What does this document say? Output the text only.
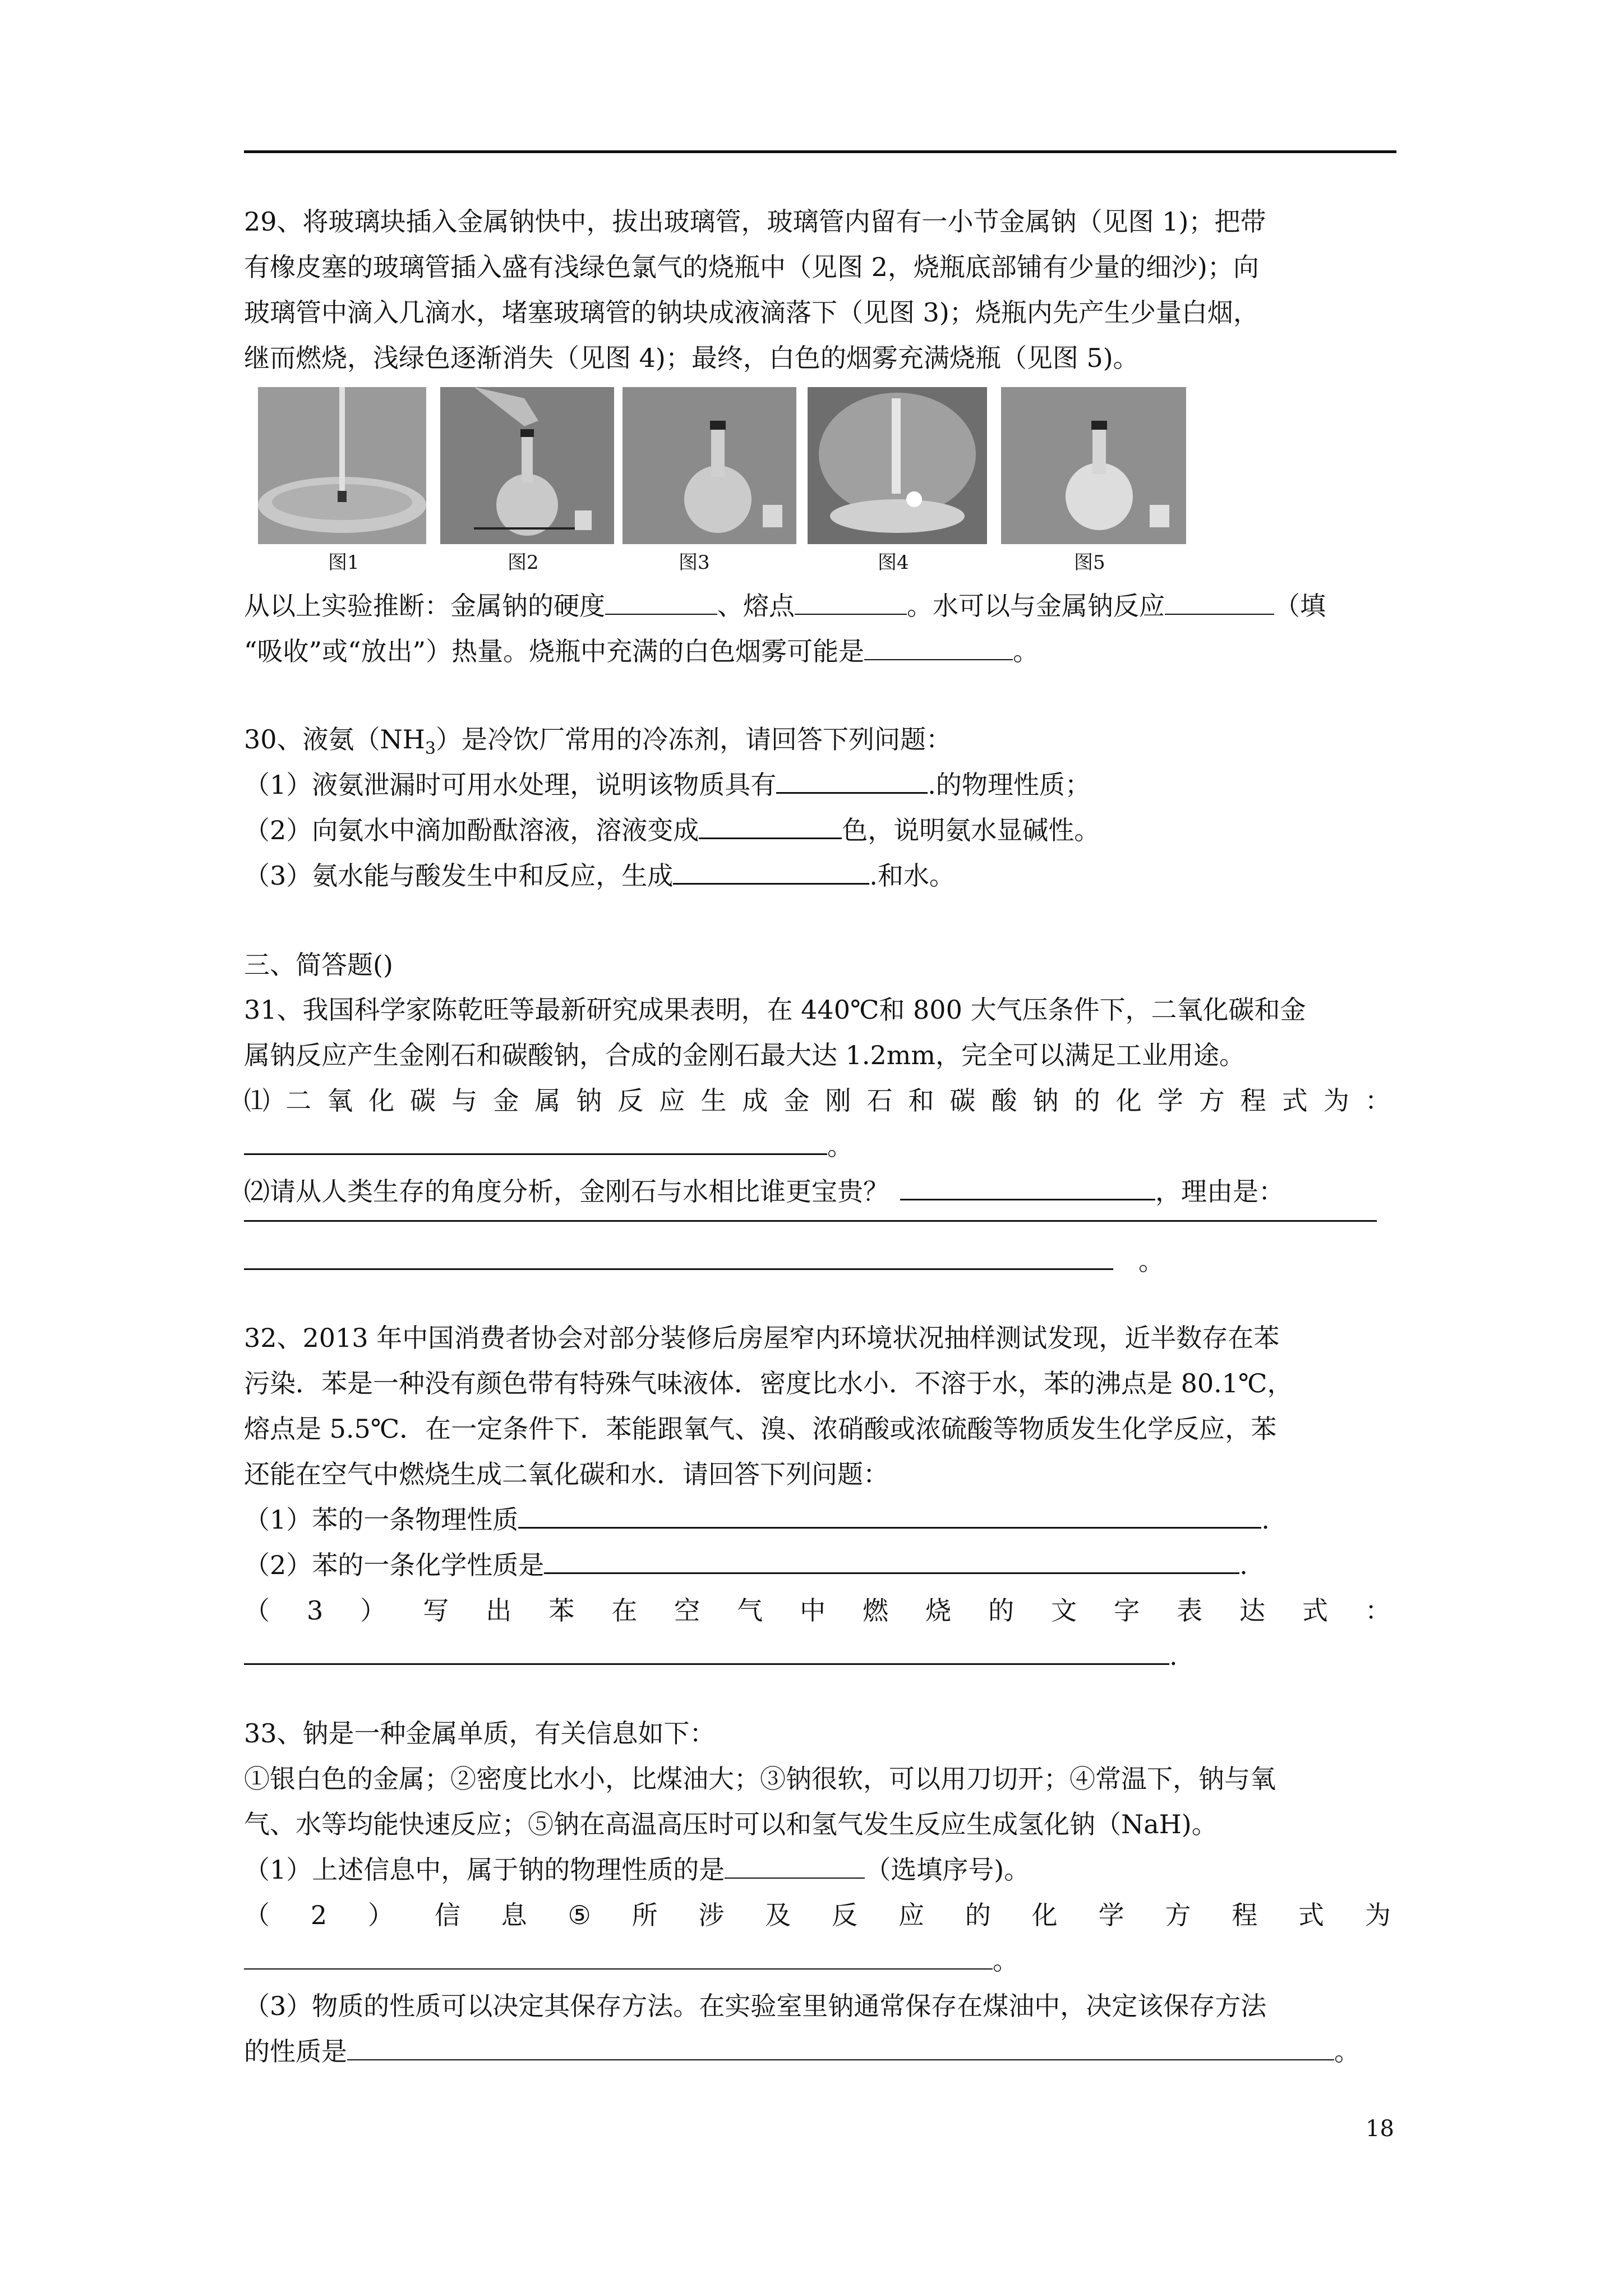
29、将玻璃块插入金属钠快中，拔出玻璃管，玻璃管内留有一小节金属钠（见图 1)；把带
有橡皮塞的玻璃管插入盛有浅绿色氯气的烧瓶中（见图 2，烧瓶底部铺有少量的细沙)；向
玻璃管中滴入几滴水，堵塞玻璃管的钠块成液滴落下（见图 3)；烧瓶内先产生少量白烟，
继而燃烧，浅绿色逐渐消失（见图 4)；最终，白色的烟雾充满烧瓶（见图 5)。
图1	图2	图3	图4	图5
从以上实验推断：金属钠的硬度	、熔点	。水可以与金属钠反应	（填
“吸收”或“放出”）热量。烧瓶中充满的白色烟雾可能是	。
30、液氨$(NH_3)$是冷饮厂常用的冷冻剂，请回答下列问题：
（1）液氨泄漏时可用水处理，说明该物质具有	.的物理性质；
（2）向氨水中滴加酚酞溶液，溶液变成	色，说明氨水显碱性。
（3）氨水能与酸发生中和反应，生成	.和水。
三、简答题()
31、我国科学家陈乾旺等最新研究成果表明，在 440℃和 800 大气压条件下，二氧化碳和金
属钠反应产生金刚石和碳酸钠，合成的金刚石最大达 1.2mm，完全可以满足工业用途。
⑴ 二 氧 化 碳 与 金 属 钠 反 应 生 成 金 刚 石 和 碳 酸 钠 的 化 学 方 程 式 为 ：
。
⑵请从人类生存的角度分析，金刚石与水相比谁更宝贵？	，理由是：
。
32、2013 年中国消费者协会对部分装修后房屋窄内环境状况抽样测试发现，近半数存在苯
污染．苯是一种没有颜色带有特殊气味液体．密度比水小．不溶于水，苯的沸点是 80.1℃，
熔点是 5.5℃．在一定条件下．苯能跟氧气、溴、浓硝酸或浓硫酸等物质发生化学反应，苯
还能在空气中燃烧生成二氧化碳和水．请回答下列问题：
（1）苯的一条物理性质	.
（2）苯的一条化学性质是	.
（ 3 ） 写 出 苯 在 空 气 中 燃 烧 的 文 字 表 达 式 ：
.
33、钠是一种金属单质，有关信息如下：
①银白色的金属；②密度比水小，比煤油大；③钠很软，可以用刀切开；④常温下，钠与氧
气、水等均能快速反应；⑤钠在高温高压时可以和氢气发生反应生成氢化钠（NaH)。
（1）上述信息中，属于钠的物理性质的是	（选填序号)。
（ 2 ） 信 息 ⑤ 所 涉 及 反 应 的 化 学 方 程 式 为
。
（3）物质的性质可以决定其保存方法。在实验室里钠通常保存在煤油中，决定该保存方法
的性质是	。
18
